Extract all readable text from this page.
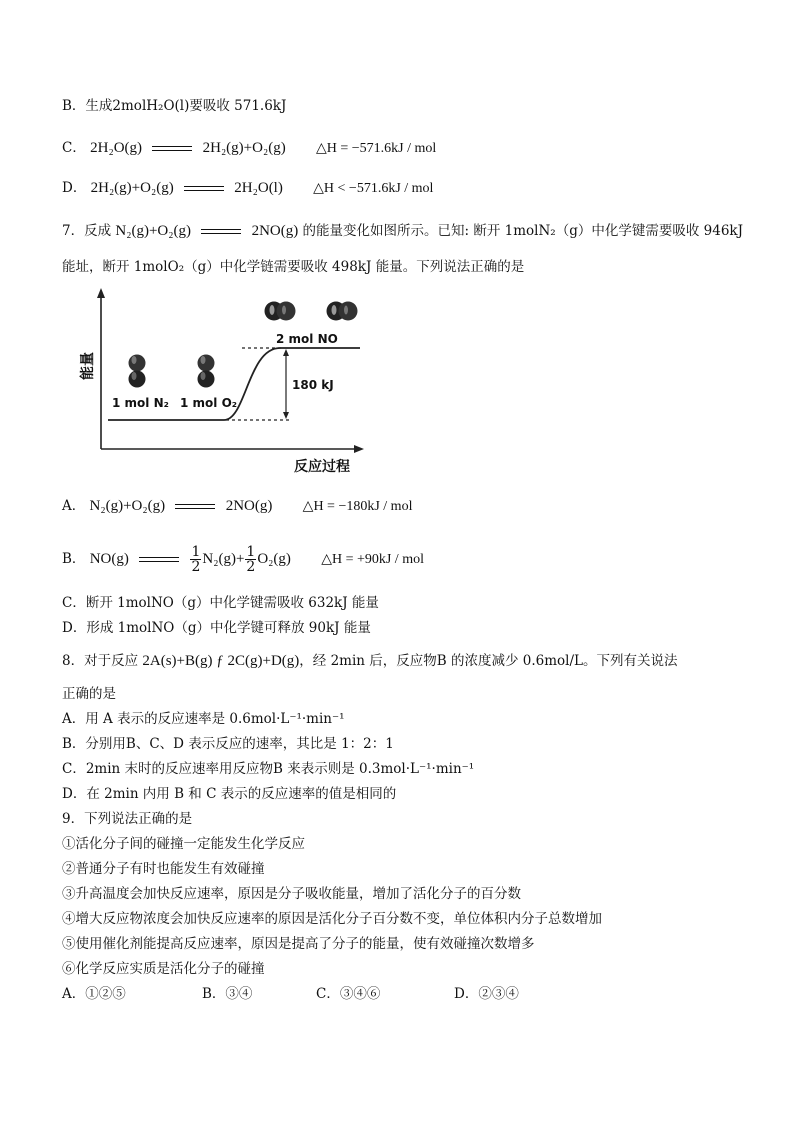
B．生成2molH₂O(l)要吸收 571.6kJ
C． 2H₂O(g)	2H₂(g)+O₂(g) △H = −571.6kJ / mol
D． 2H₂(g)+O₂(g)	2H₂O(l) △H < −571.6kJ / mol
7．反成 N₂(g)+O₂(g)	2NO(g) 的能量变化如图所示。已知: 断开 1molN₂（g）中化学键需要吸收 946kJ
能址，断开 1molO₂（g）中化学链需要吸收 498kJ 能量。下列说法正确的是
能量
反应过程
180 kJ
1 mol N₂ 1 mol O₂
2 mol NO
A． N₂(g)+O₂(g)	2NO(g) △H = −180kJ / mol
B． NO(g)	$\frac{1}{2} N_2(g)+ \frac{1}{2} O_2(g)$ △H = +90kJ / mol
C．断开 1molNO（g）中化学键需吸收 632kJ 能量
D．形成 1molNO（g）中化学键可释放 90kJ 能量
8．对于反应 2A(s)+B(g) ƒ 2C(g)+D(g)，经 2min 后，反应物B 的浓度减少 0.6mol/L。下列有关说法
正确的是
A．用 A 表示的反应速率是 0.6mol·L⁻¹·min⁻¹
B．分别用B、C、D 表示反应的速率，其比是 1：2：1
C．2min 末时的反应速率用反应物B 来表示则是 0.3mol·L⁻¹·min⁻¹
D．在 2min 内用 B 和 C 表示的反应速率的值是相同的
9．下列说法正确的是
①活化分子间的碰撞一定能发生化学反应
②普通分子有时也能发生有效碰撞
③升高温度会加快反应速率，原因是分子吸收能量，增加了活化分子的百分数
④增大反应物浓度会加快反应速率的原因是活化分子百分数不变，单位体积内分子总数增加
⑤使用催化剂能提高反应速率，原因是提高了分子的能量，使有效碰撞次数增多
⑥化学反应实质是活化分子的碰撞
A．①②⑤	B．③④	C．③④⑥	D．②③④
